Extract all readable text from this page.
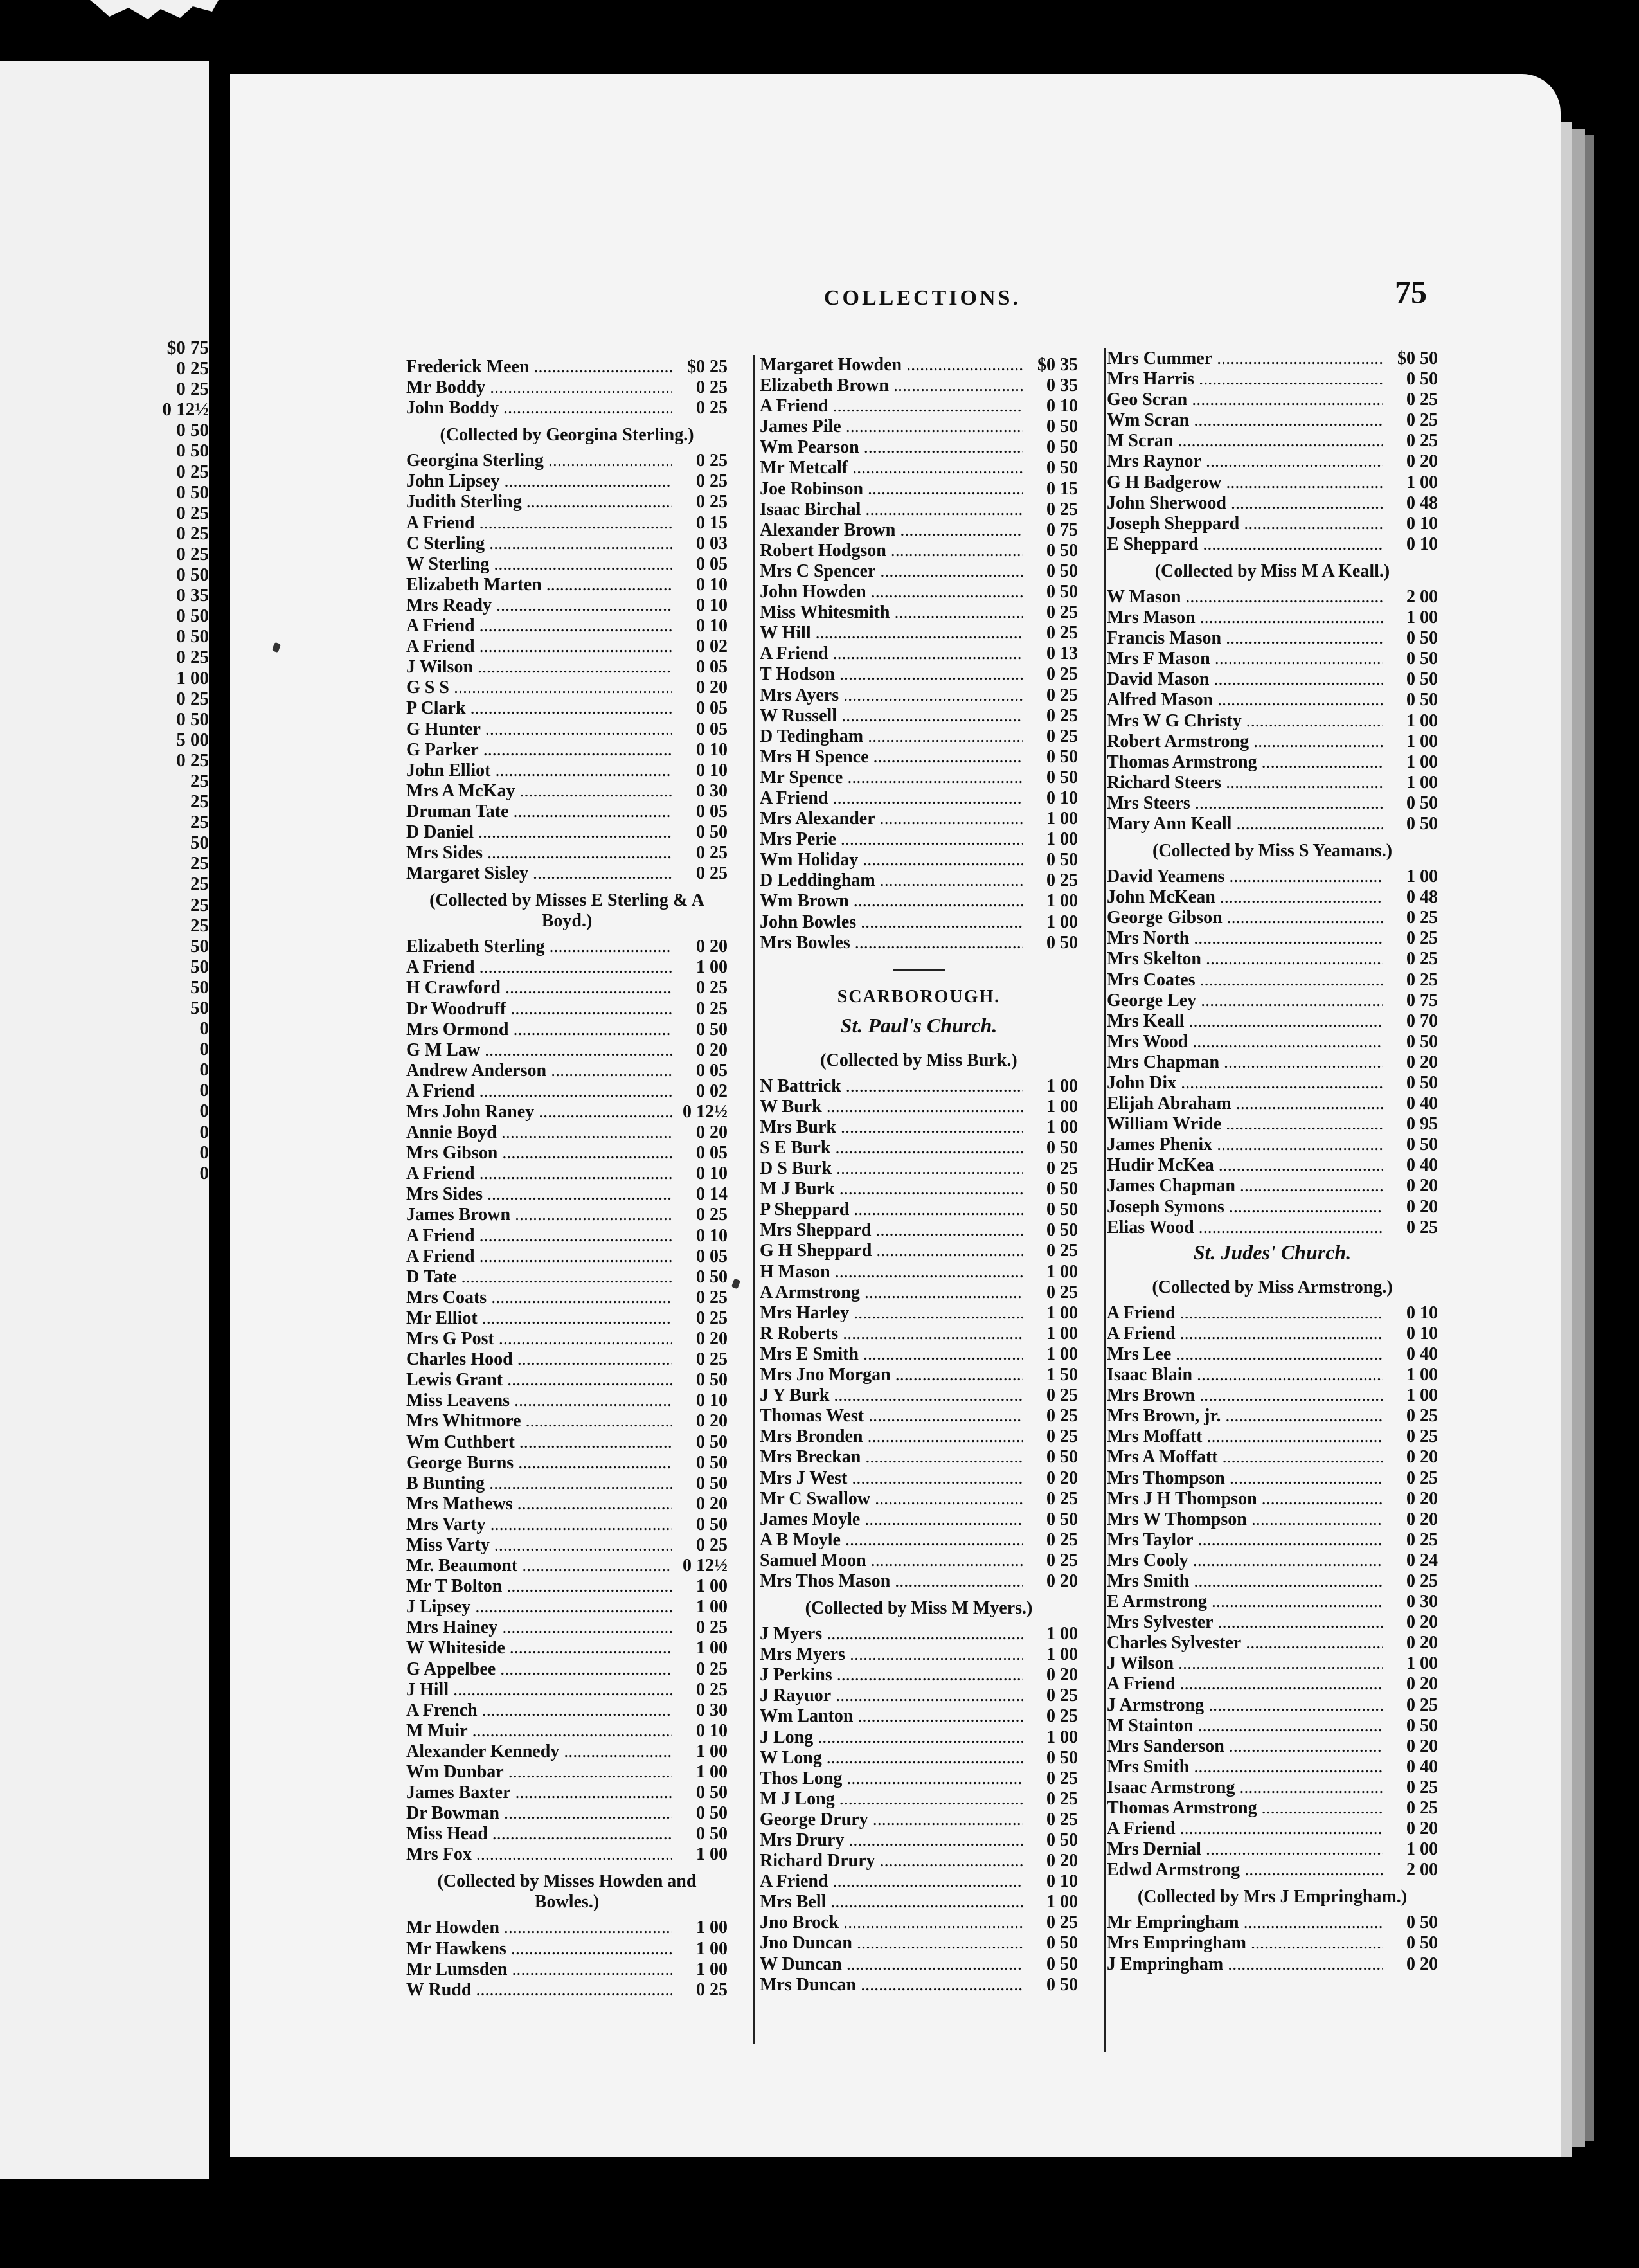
$0 75
0 25
0 25
0 12½
0 50
0 50
0 25
0 50
0 25
0 25
0 25
0 50
0 35
0 50
0 50
0 25
1 00
0 25
0 50
5 00
0 25
25
25
25
50
25
25
25
25
50
50
50
50
0
0
0
0
0
0
0
0
COLLECTIONS.	75
Frederick Meen .....	$0 25
Mr Boddy .....	0 25
John Boddy .....	0 25
(Collected by Georgina Sterling.)
Georgina Sterling .....	0 25
John Lipsey .....	0 25
Judith Sterling .....	0 25
A Friend .....	0 15
C Sterling .....	0 03
W Sterling .....	0 05
Elizabeth Marten .....	0 10
Mrs Ready .....	0 10
A Friend .....	0 10
A Friend .....	0 02
J Wilson .....	0 05
G S S .....	0 20
P Clark .....	0 05
G Hunter .....	0 05
G Parker .....	0 10
John Elliot .....	0 10
Mrs A McKay .....	0 30
Druman Tate .....	0 05
D Daniel .....	0 50
Mrs Sides .....	0 25
Margaret Sisley .....	0 25
(Collected by Misses E Sterling & A Boyd.)
Elizabeth Sterling .....	0 20
A Friend .....	1 00
H Crawford .....	0 25
Dr Woodruff .....	0 25
Mrs Ormond .....	0 50
G M Law .....	0 20
Andrew Anderson .....	0 05
A Friend .....	0 02
Mrs John Raney .....	0 12½
Annie Boyd .....	0 20
Mrs Gibson .....	0 05
A Friend .....	0 10
Mrs Sides .....	0 14
James Brown .....	0 25
A Friend .....	0 10
A Friend .....	0 05
D Tate .....	0 50
Mrs Coats .....	0 25
Mr Elliot .....	0 25
Mrs G Post .....	0 20
Charles Hood .....	0 25
Lewis Grant .....	0 50
Miss Leavens .....	0 10
Mrs Whitmore .....	0 20
Wm Cuthbert .....	0 50
George Burns .....	0 50
B Bunting .....	0 50
Mrs Mathews .....	0 20
Mrs Varty .....	0 50
Miss Varty .....	0 25
Mr. Beaumont .....	0 12½
Mr T Bolton .....	1 00
J Lipsey .....	1 00
Mrs Hainey .....	0 25
W Whiteside .....	1 00
G Appelbee .....	0 25
J Hill .....	0 25
A French .....	0 30
M Muir .....	0 10
Alexander Kennedy .....	1 00
Wm Dunbar .....	1 00
James Baxter .....	0 50
Dr Bowman .....	0 50
Miss Head .....	0 50
Mrs Fox .....	1 00
(Collected by Misses Howden and Bowles.)
Mr Howden .....	1 00
Mr Hawkens .....	1 00
Mr Lumsden .....	1 00
W Rudd .....	0 25
Margaret Howden .....	$0 35
Elizabeth Brown .....	0 35
A Friend .....	0 10
James Pile .....	0 50
Wm Pearson .....	0 50
Mr Metcalf .....	0 50
Joe Robinson .....	0 15
Isaac Birchal .....	0 25
Alexander Brown .....	0 75
Robert Hodgson .....	0 50
Mrs C Spencer .....	0 50
John Howden .....	0 50
Miss Whitesmith .....	0 25
W Hill .....	0 25
A Friend .....	0 13
T Hodson .....	0 25
Mrs Ayers .....	0 25
W Russell .....	0 25
D Tedingham .....	0 25
Mrs H Spence .....	0 50
Mr Spence .....	0 50
A Friend .....	0 10
Mrs Alexander .....	1 00
Mrs Perie .....	1 00
Wm Holiday .....	0 50
D Leddingham .....	0 25
Wm Brown .....	1 00
John Bowles .....	1 00
Mrs Bowles .....	0 50
SCARBOROUGH.
St. Paul's Church.
(Collected by Miss Burk.)
N Battrick .....	1 00
W Burk .....	1 00
Mrs Burk .....	1 00
S E Burk .....	0 50
D S Burk .....	0 25
M J Burk .....	0 50
P Sheppard .....	0 50
Mrs Sheppard .....	0 50
G H Sheppard .....	0 25
H Mason .....	1 00
A Armstrong .....	0 25
Mrs Harley .....	1 00
R Roberts .....	1 00
Mrs E Smith .....	1 00
Mrs Jno Morgan .....	1 50
J Y Burk .....	0 25
Thomas West .....	0 25
Mrs Bronden .....	0 25
Mrs Breckan .....	0 50
Mrs J West .....	0 20
Mr C Swallow .....	0 25
James Moyle .....	0 50
A B Moyle .....	0 25
Samuel Moon .....	0 25
Mrs Thos Mason .....	0 20
(Collected by Miss M Myers.)
J Myers .....	1 00
Mrs Myers .....	1 00
J Perkins .....	0 20
J Rayuor .....	0 25
Wm Lanton .....	0 25
J Long .....	1 00
W Long .....	0 50
Thos Long .....	0 25
M J Long .....	0 25
George Drury .....	0 25
Mrs Drury .....	0 50
Richard Drury .....	0 20
A Friend .....	0 10
Mrs Bell .....	1 00
Jno Brock .....	0 25
Jno Duncan .....	0 50
W Duncan .....	0 50
Mrs Duncan .....	0 50
Mrs Cummer .....	$0 50
Mrs Harris .....	0 50
Geo Scran .....	0 25
Wm Scran .....	0 25
M Scran .....	0 25
Mrs Raynor .....	0 20
G H Badgerow .....	1 00
John Sherwood .....	0 48
Joseph Sheppard .....	0 10
E Sheppard .....	0 10
(Collected by Miss M A Keall.)
W Mason .....	2 00
Mrs Mason .....	1 00
Francis Mason .....	0 50
Mrs F Mason .....	0 50
David Mason .....	0 50
Alfred Mason .....	0 50
Mrs W G Christy .....	1 00
Robert Armstrong .....	1 00
Thomas Armstrong .....	1 00
Richard Steers .....	1 00
Mrs Steers .....	0 50
Mary Ann Keall .....	0 50
(Collected by Miss S Yeamans.)
David Yeamens .....	1 00
John McKean .....	0 48
George Gibson .....	0 25
Mrs North .....	0 25
Mrs Skelton .....	0 25
Mrs Coates .....	0 25
George Ley .....	0 75
Mrs Keall .....	0 70
Mrs Wood .....	0 50
Mrs Chapman .....	0 20
John Dix .....	0 50
Elijah Abraham .....	0 40
William Wride .....	0 95
James Phenix .....	0 50
Hudir McKea .....	0 40
James Chapman .....	0 20
Joseph Symons .....	0 20
Elias Wood .....	0 25
St. Judes' Church.
(Collected by Miss Armstrong.)
A Friend .....	0 10
A Friend .....	0 10
Mrs Lee .....	0 40
Isaac Blain .....	1 00
Mrs Brown .....	1 00
Mrs Brown, jr. .....	0 25
Mrs Moffatt .....	0 25
Mrs A Moffatt .....	0 20
Mrs Thompson .....	0 25
Mrs J H Thompson .....	0 20
Mrs W Thompson .....	0 20
Mrs Taylor .....	0 25
Mrs Cooly .....	0 24
Mrs Smith .....	0 25
E Armstrong .....	0 30
Mrs Sylvester .....	0 20
Charles Sylvester .....	0 20
J Wilson .....	1 00
A Friend .....	0 20
J Armstrong .....	0 25
M Stainton .....	0 50
Mrs Sanderson .....	0 20
Mrs Smith .....	0 40
Isaac Armstrong .....	0 25
Thomas Armstrong .....	0 25
A Friend .....	0 20
Mrs Dernial .....	1 00
Edwd Armstrong .....	2 00
(Collected by Mrs J Empringham.)
Mr Empringham .....	0 50
Mrs Empringham .....	0 50
J Empringham .....	0 20
